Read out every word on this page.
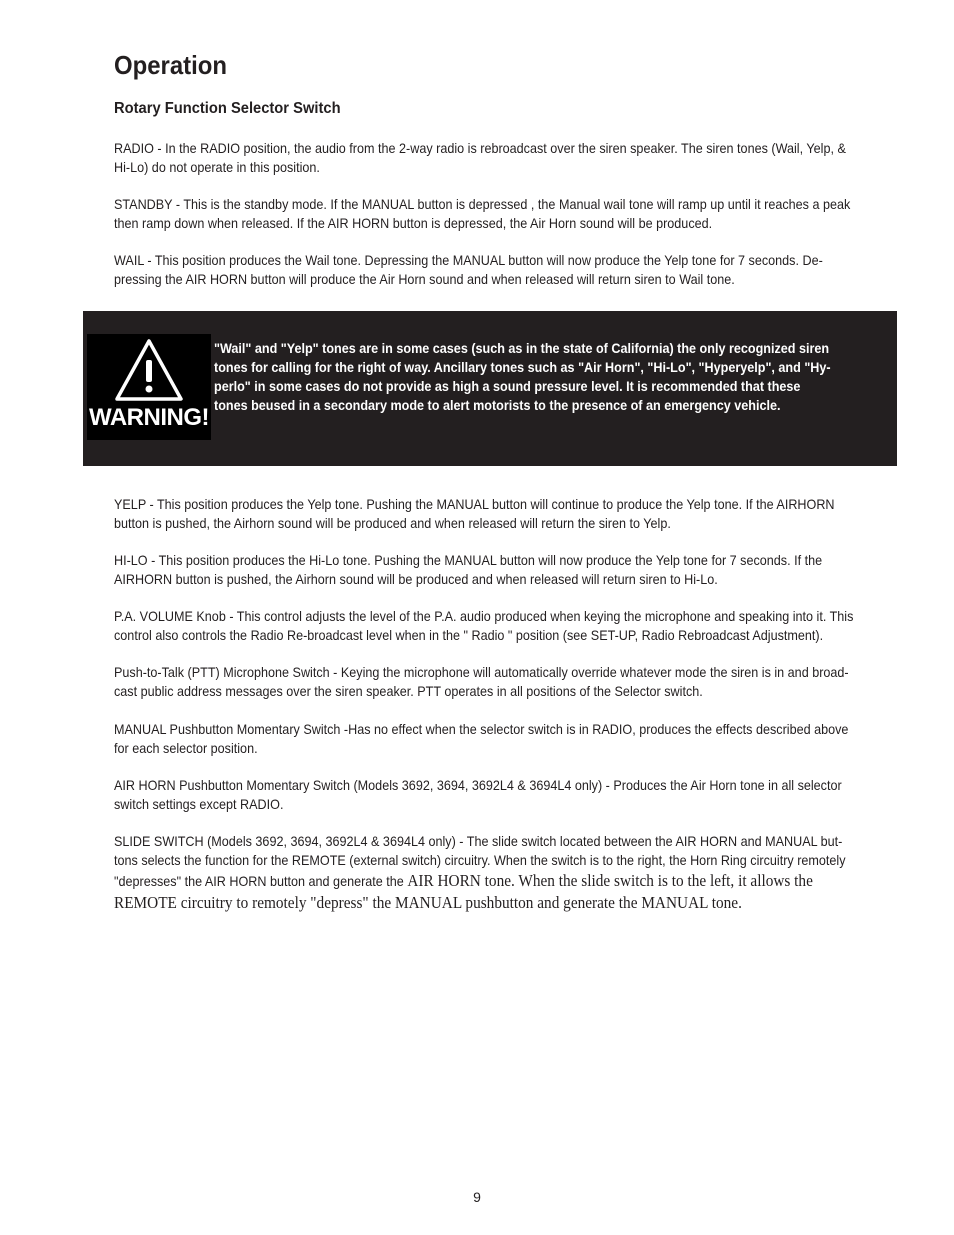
Operation
Rotary Function Selector Switch

RADIO - In the RADIO position, the audio from the 2-way radio is rebroadcast over the siren speaker. The siren tones (Wail, Yelp, & Hi-Lo) do not operate in this position.

STANDBY - This is the standby mode. If the MANUAL button is depressed , the Manual wail tone will ramp up until it reaches a peak then ramp down when released. If the AIR HORN button is depressed, the Air Horn sound will be produced.

WAIL - This position produces the Wail tone. Depressing the MANUAL button will now produce the Yelp tone for 7 seconds. De-pressing the AIR HORN button will produce the Air Horn sound and when released will return siren to Wail tone.

WARNING!

"Wail" and "Yelp" tones are in some cases (such as in the state of California) the only recognized siren tones for calling for the right of way. Ancillary tones such as "Air Horn", "Hi-Lo", "Hyperyelp", and "Hy-perlo" in some cases do not provide as high a sound pressure level. It is recommended that these tones beused in a secondary mode to alert motorists to the presence of an emergency vehicle.

YELP - This position produces the Yelp tone. Pushing the MANUAL button will continue to produce the Yelp tone. If the AIRHORN button is pushed, the Airhorn sound will be produced and when released will return the siren to Yelp.

HI-LO - This position produces the Hi-Lo tone. Pushing the MANUAL button will now produce the Yelp tone for 7 seconds. If the AIRHORN button is pushed, the Airhorn sound will be produced and when released will return siren to Hi-Lo.

P.A. VOLUME Knob - This control adjusts the level of the P.A. audio produced when keying the microphone and speaking into it. This control also controls the Radio Re-broadcast level when in the " Radio " position (see SET-UP, Radio Rebroadcast Adjustment).

Push-to-Talk (PTT) Microphone Switch - Keying the microphone will automatically override whatever mode the siren is in and broad-cast public address messages over the siren speaker. PTT operates in all positions of the Selector switch.

MANUAL Pushbutton Momentary Switch -Has no effect when the selector switch is in RADIO, produces the effects described above for each selector position.

AIR HORN Pushbutton Momentary Switch (Models 3692, 3694, 3692L4 & 3694L4 only) - Produces the Air Horn tone in all selector switch settings except RADIO.

SLIDE SWITCH (Models 3692, 3694, 3692L4 & 3694L4 only) - The slide switch located between the AIR HORN and MANUAL but-tons selects the function for the REMOTE (external switch) circuitry. When the switch is to the right, the Horn Ring circuitry remotely "depresses" the AIR HORN button and generate the AIR HORN tone. When the slide switch is to the left, it allows the REMOTE circuitry to remotely "depress" the MANUAL pushbutton and generate the MANUAL tone.

9
